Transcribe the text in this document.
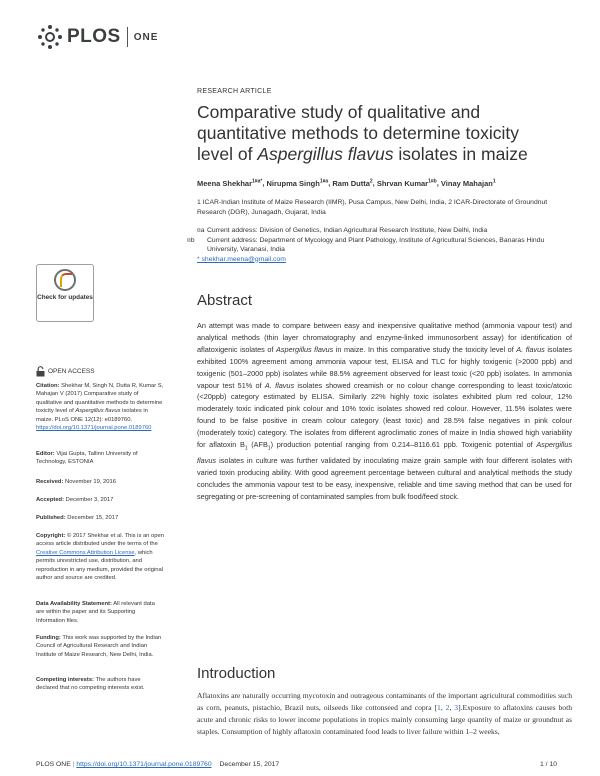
PLOS ONE
RESEARCH ARTICLE
Comparative study of qualitative and
quantitative methods to determine toxicity
level of Aspergillus flavus isolates in maize
Meena Shekhar$^{1¤a*}$, Nirupma Singh$^{1¤a}$, Ram Dutta$^2$, Shrvan Kumar$^{1¤b}$, Vinay Mahajan$^1$
1 ICAR-Indian Institute of Maize Research (IIMR), Pusa Campus, New Delhi, India, 2 ICAR-Directorate of Groundnut Research (DGR), Junagadh, Gujarat, India
¤a Current address: Division of Genetics, Indian Agricultural Research Institute, New Delhi, India
¤b Current address: Department of Mycology and Plant Pathology, Institute of Agricultural Sciences, Banaras Hindu University, Varanasi, India
* shekhar.meena@gmail.com
Check for updates
OPEN ACCESS
Citation: Shekhar M, Singh N, Dutta R, Kumar S, Mahajan V (2017) Comparative study of qualitative and quantitative methods to determine toxicity level of Aspergillus flavus isolates in maize. PLoS ONE 12(12): e0189760. https://doi.org/10.1371/journal.pone.0189760
Editor: Vijai Gupta, Tallinn University of Technology, ESTONIA
Received: November 19, 2016
Accepted: December 3, 2017
Published: December 15, 2017
Copyright: © 2017 Shekhar et al. This is an open access article distributed under the terms of the Creative Commons Attribution License, which permits unrestricted use, distribution, and reproduction in any medium, provided the original author and source are credited.
Data Availability Statement: All relevant data are within the paper and its Supporting Information files.
Funding: This work was supported by the Indian Council of Agricultural Research and Indian Institute of Maize Research, New Delhi, India.
Competing interests: The authors have declared that no competing interests exist.
Abstract
An attempt was made to compare between easy and inexpensive qualitative method (ammonia vapour test) and analytical methods (thin layer chromatography and enzyme-linked immunosorbent assay) for identification of aflatoxigenic isolates of Aspergillus flavus in maize. In this comparative study the toxicity level of A. flavus isolates exhibited 100% agreement among ammonia vapour test, ELISA and TLC for highly toxigenic (>2000 ppb) and toxigenic (501–2000 ppb) isolates while 88.5% agreement observed for least toxic (<20 ppb) isolates. In ammonia vapour test 51% of A. flavus isolates showed creamish or no colour change corresponding to least toxic/atoxic (<20ppb) category estimated by ELISA. Similarly 22% highly toxic isolates exhibited plum red colour, 12% moderately toxic indicated pink colour and 10% toxic isolates showed red colour. However, 11.5% isolates were found to be false positive in cream colour category (least toxic) and 28.5% false negatives in pink colour (moderately toxic) category. The isolates from different agroclimatic zones of maize in India showed high variability for aflatoxin $B_1$ $(AFB_1)$ production potential ranging from 0.214–8116.61 ppb. Toxigenic potential of Aspergillus flavus isolates in culture was further validated by inoculating maize grain sample with four different isolates with varied toxin producing ability. With good agreement percentage between cultural and analytical methods the study concludes the ammonia vapour test to be easy, inexpensive, reliable and time saving method that can be used for segregating or pre-screening of contaminated samples from bulk food/feed stock.
Introduction
Aflatoxins are naturally occurring mycotoxin and outrageous contaminants of the important agricultural commodities such as corn, peanuts, pistachio, Brazil nuts, oilseeds like cottonseed and copra [1, 2, 3].Exposure to aflatoxins causes both acute and chronic risks to lower income populations in tropics mainly consuming large quantity of maize or groundnut as staples. Consumption of highly aflatoxin contaminated food leads to liver failure within 1–2 weeks,
PLOS ONE | https://doi.org/10.1371/journal.pone.0189760 December 15, 2017	1 / 10
